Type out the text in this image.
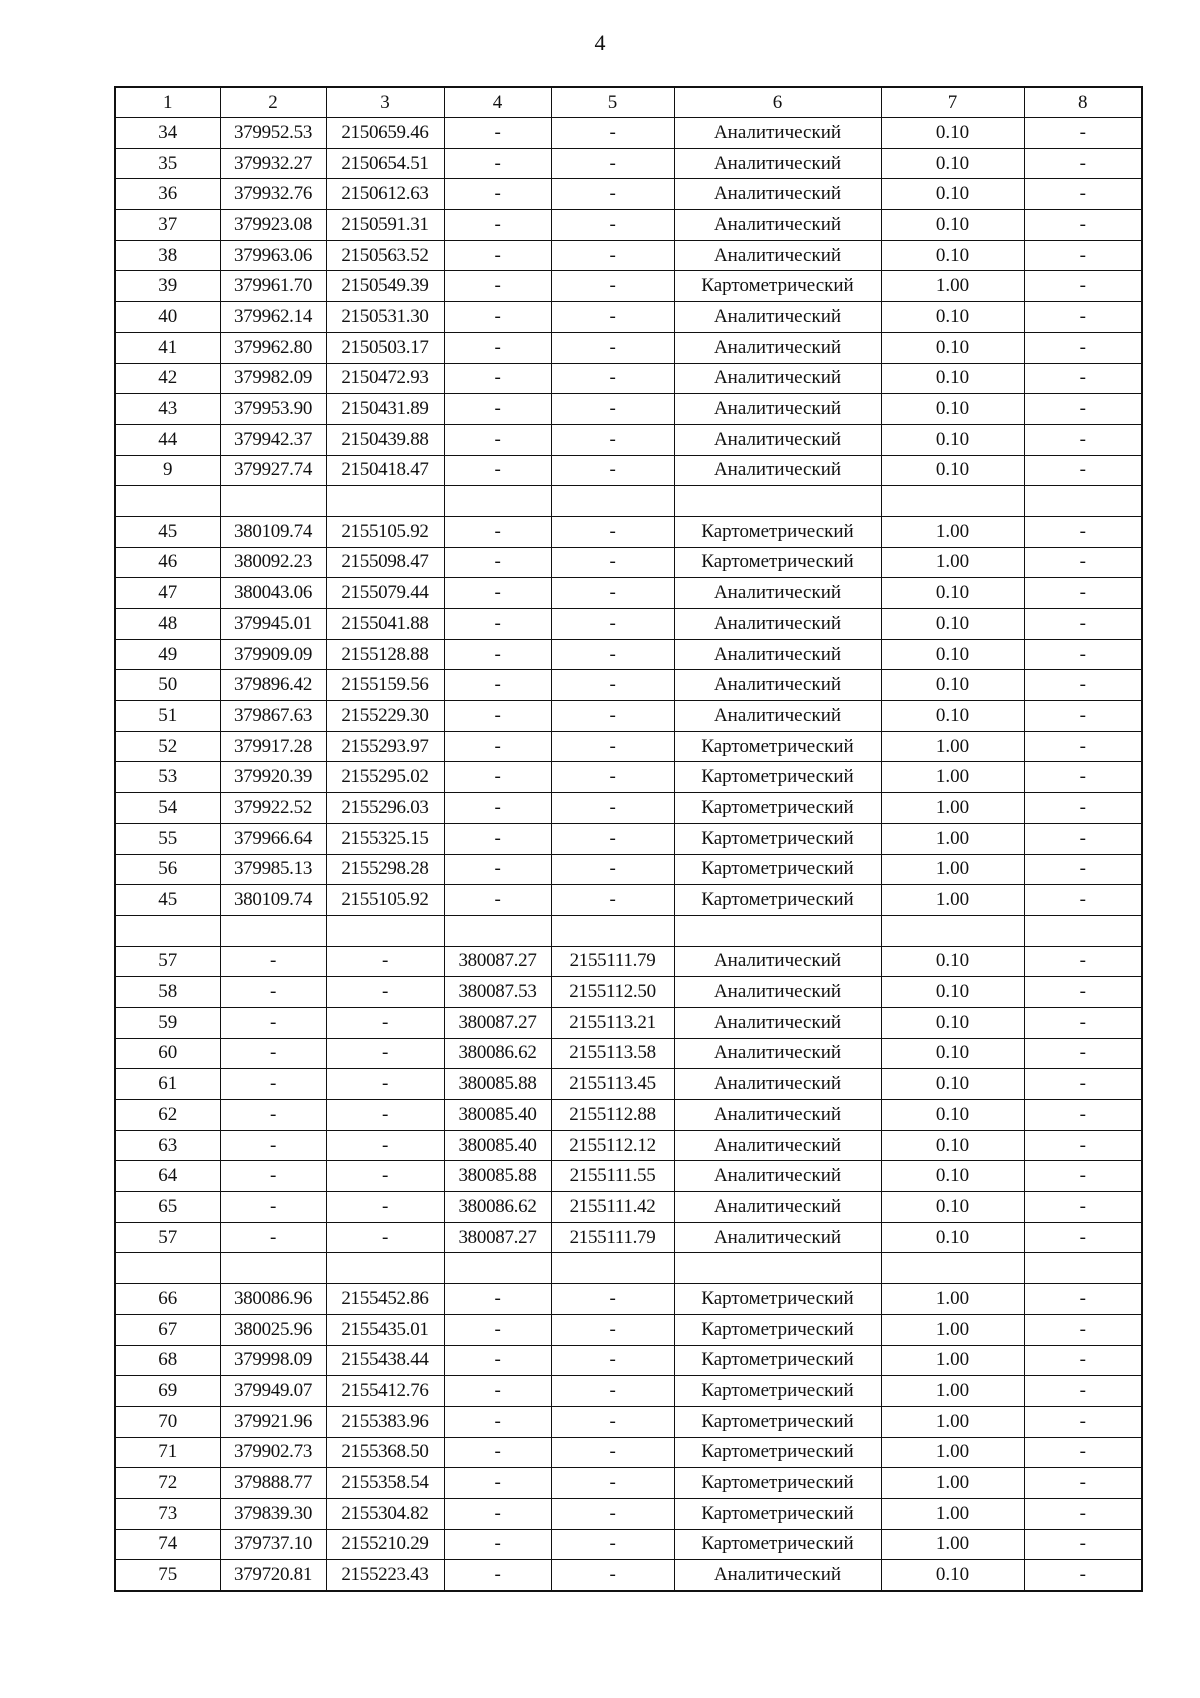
4
1	2	3	4	5	6	7	8
34	379952.53	2150659.46	-	-	Аналитический	0.10	-
35	379932.27	2150654.51	-	-	Аналитический	0.10	-
36	379932.76	2150612.63	-	-	Аналитический	0.10	-
37	379923.08	2150591.31	-	-	Аналитический	0.10	-
38	379963.06	2150563.52	-	-	Аналитический	0.10	-
39	379961.70	2150549.39	-	-	Картометрический	1.00	-
40	379962.14	2150531.30	-	-	Аналитический	0.10	-
41	379962.80	2150503.17	-	-	Аналитический	0.10	-
42	379982.09	2150472.93	-	-	Аналитический	0.10	-
43	379953.90	2150431.89	-	-	Аналитический	0.10	-
44	379942.37	2150439.88	-	-	Аналитический	0.10	-
9	379927.74	2150418.47	-	-	Аналитический	0.10	-

45	380109.74	2155105.92	-	-	Картометрический	1.00	-
46	380092.23	2155098.47	-	-	Картометрический	1.00	-
47	380043.06	2155079.44	-	-	Аналитический	0.10	-
48	379945.01	2155041.88	-	-	Аналитический	0.10	-
49	379909.09	2155128.88	-	-	Аналитический	0.10	-
50	379896.42	2155159.56	-	-	Аналитический	0.10	-
51	379867.63	2155229.30	-	-	Аналитический	0.10	-
52	379917.28	2155293.97	-	-	Картометрический	1.00	-
53	379920.39	2155295.02	-	-	Картометрический	1.00	-
54	379922.52	2155296.03	-	-	Картометрический	1.00	-
55	379966.64	2155325.15	-	-	Картометрический	1.00	-
56	379985.13	2155298.28	-	-	Картометрический	1.00	-
45	380109.74	2155105.92	-	-	Картометрический	1.00	-

57	-	-	380087.27	2155111.79	Аналитический	0.10	-
58	-	-	380087.53	2155112.50	Аналитический	0.10	-
59	-	-	380087.27	2155113.21	Аналитический	0.10	-
60	-	-	380086.62	2155113.58	Аналитический	0.10	-
61	-	-	380085.88	2155113.45	Аналитический	0.10	-
62	-	-	380085.40	2155112.88	Аналитический	0.10	-
63	-	-	380085.40	2155112.12	Аналитический	0.10	-
64	-	-	380085.88	2155111.55	Аналитический	0.10	-
65	-	-	380086.62	2155111.42	Аналитический	0.10	-
57	-	-	380087.27	2155111.79	Аналитический	0.10	-

66	380086.96	2155452.86	-	-	Картометрический	1.00	-
67	380025.96	2155435.01	-	-	Картометрический	1.00	-
68	379998.09	2155438.44	-	-	Картометрический	1.00	-
69	379949.07	2155412.76	-	-	Картометрический	1.00	-
70	379921.96	2155383.96	-	-	Картометрический	1.00	-
71	379902.73	2155368.50	-	-	Картометрический	1.00	-
72	379888.77	2155358.54	-	-	Картометрический	1.00	-
73	379839.30	2155304.82	-	-	Картометрический	1.00	-
74	379737.10	2155210.29	-	-	Картометрический	1.00	-
75	379720.81	2155223.43	-	-	Аналитический	0.10	-
